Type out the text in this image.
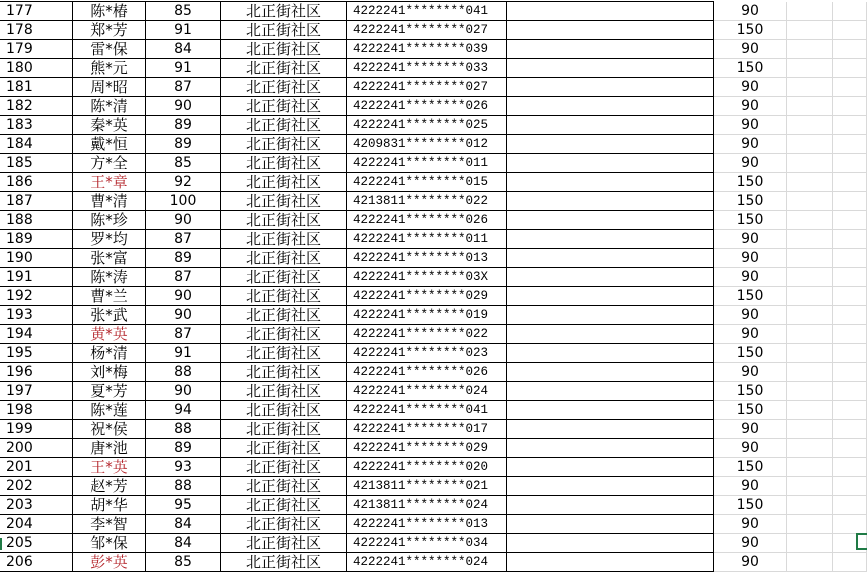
177	陈*椿	85	北正街社区	4222241********041	90
178	郑*芳	91	北正街社区	4222241********027	150
179	雷*保	84	北正街社区	4222241********039	90
180	熊*元	91	北正街社区	4222241********033	150
181	周*昭	87	北正街社区	4222241********027	90
182	陈*清	90	北正街社区	4222241********026	90
183	秦*英	89	北正街社区	4222241********025	90
184	戴*恒	89	北正街社区	4209831********012	90
185	方*全	85	北正街社区	4222241********011	90
186	王*章	92	北正街社区	4222241********015	150
187	曹*清	100	北正街社区	4213811********022	150
188	陈*珍	90	北正街社区	4222241********026	150
189	罗*均	87	北正街社区	4222241********011	90
190	张*富	89	北正街社区	4222241********013	90
191	陈*涛	87	北正街社区	4222241********03X	90
192	曹*兰	90	北正街社区	4222241********029	150
193	张*武	90	北正街社区	4222241********019	90
194	黄*英	87	北正街社区	4222241********022	90
195	杨*清	91	北正街社区	4222241********023	150
196	刘*梅	88	北正街社区	4222241********026	90
197	夏*芳	90	北正街社区	4222241********024	150
198	陈*莲	94	北正街社区	4222241********041	150
199	祝*侯	88	北正街社区	4222241********017	90
200	唐*池	89	北正街社区	4222241********029	90
201	王*英	93	北正街社区	4222241********020	150
202	赵*芳	88	北正街社区	4213811********021	90
203	胡*华	95	北正街社区	4213811********024	150
204	李*智	84	北正街社区	4222241********013	90
205	邹*保	84	北正街社区	4222241********034	90
206	彭*英	85	北正街社区	4222241********024	90
